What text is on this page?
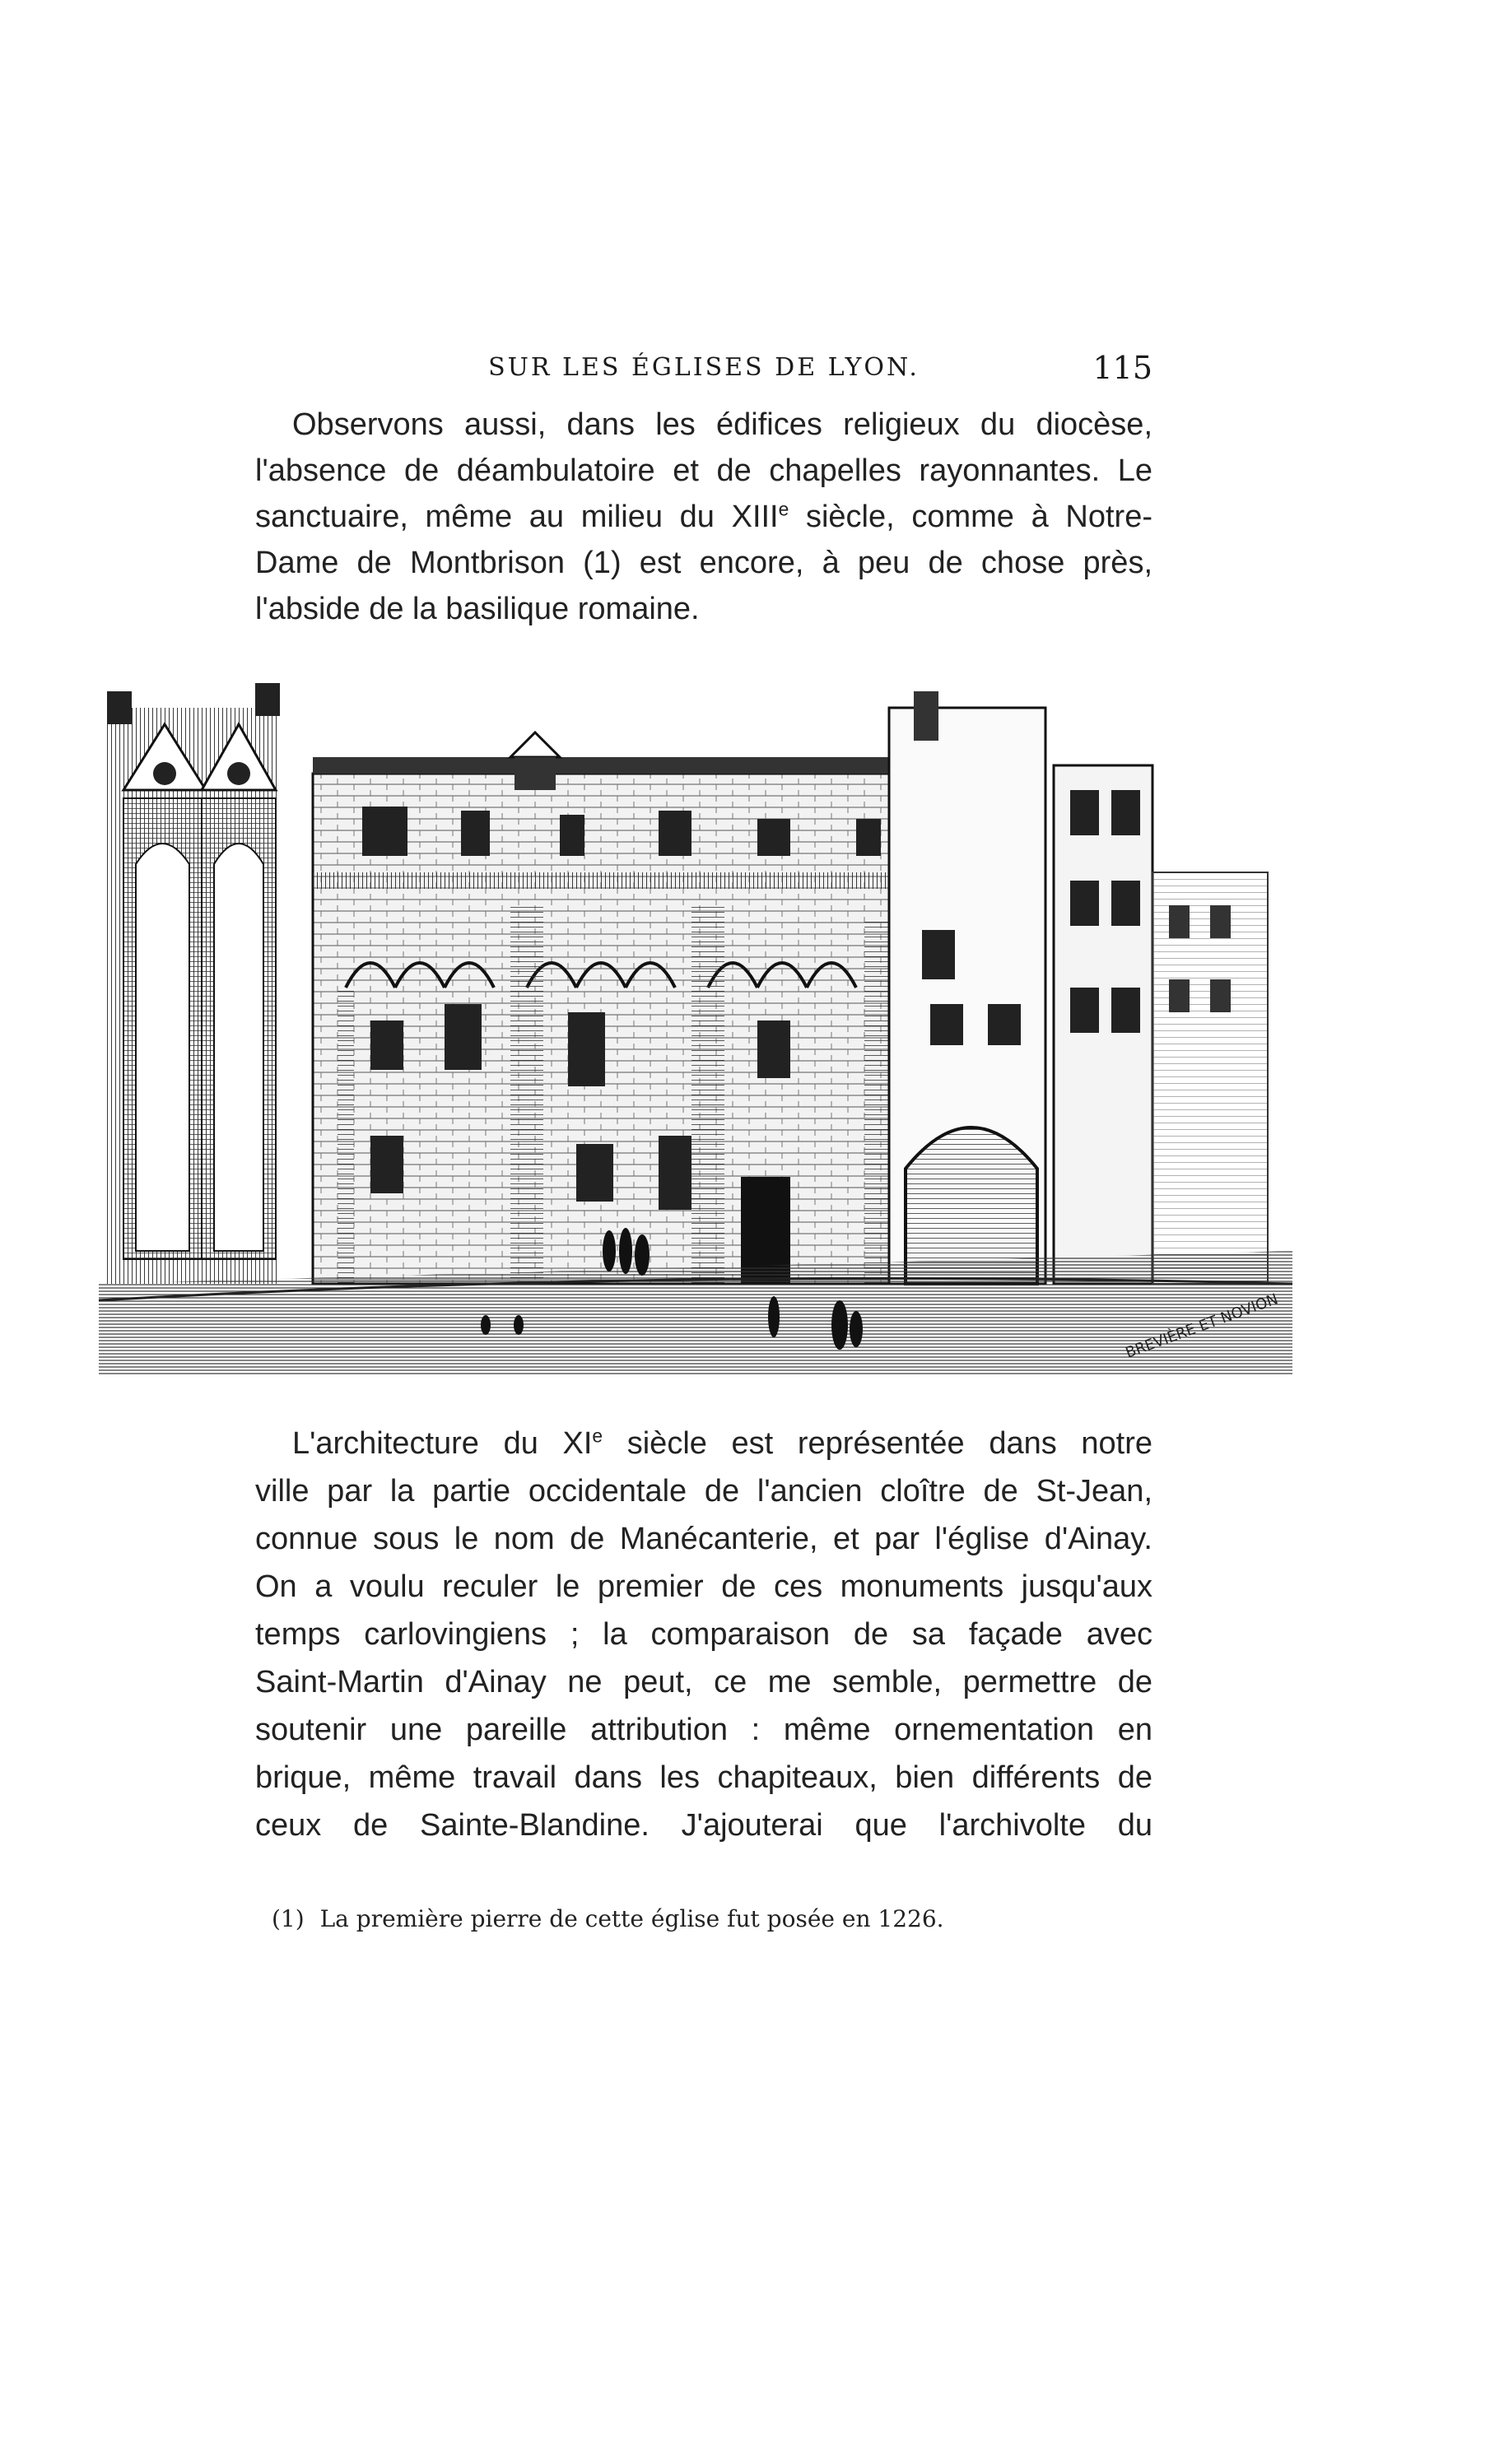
SUR LES ÉGLISES DE LYON.	115
Observons aussi, dans les édifices religieux du diocèse,
l'absence de déambulatoire et de chapelles rayonnantes. Le
sanctuaire, même au milieu du XIIIe siècle, comme à Notre-
Dame de Montbrison (1) est encore, à peu de chose près,
l'abside de la basilique romaine.
BREVIÈRE ET NOVION
L'architecture du XIe siècle est représentée dans notre
ville par la partie occidentale de l'ancien cloître de St-Jean,
connue sous le nom de Manécanterie, et par l'église d'Ainay.
On a voulu reculer le premier de ces monuments jusqu'aux
temps carlovingiens ; la comparaison de sa façade avec
Saint-Martin d'Ainay ne peut, ce me semble, permettre de
soutenir une pareille attribution : même ornementation en
brique, même travail dans les chapiteaux, bien différents de
ceux de Sainte-Blandine. J'ajouterai que l'archivolte du
(1) La première pierre de cette église fut posée en 1226.
